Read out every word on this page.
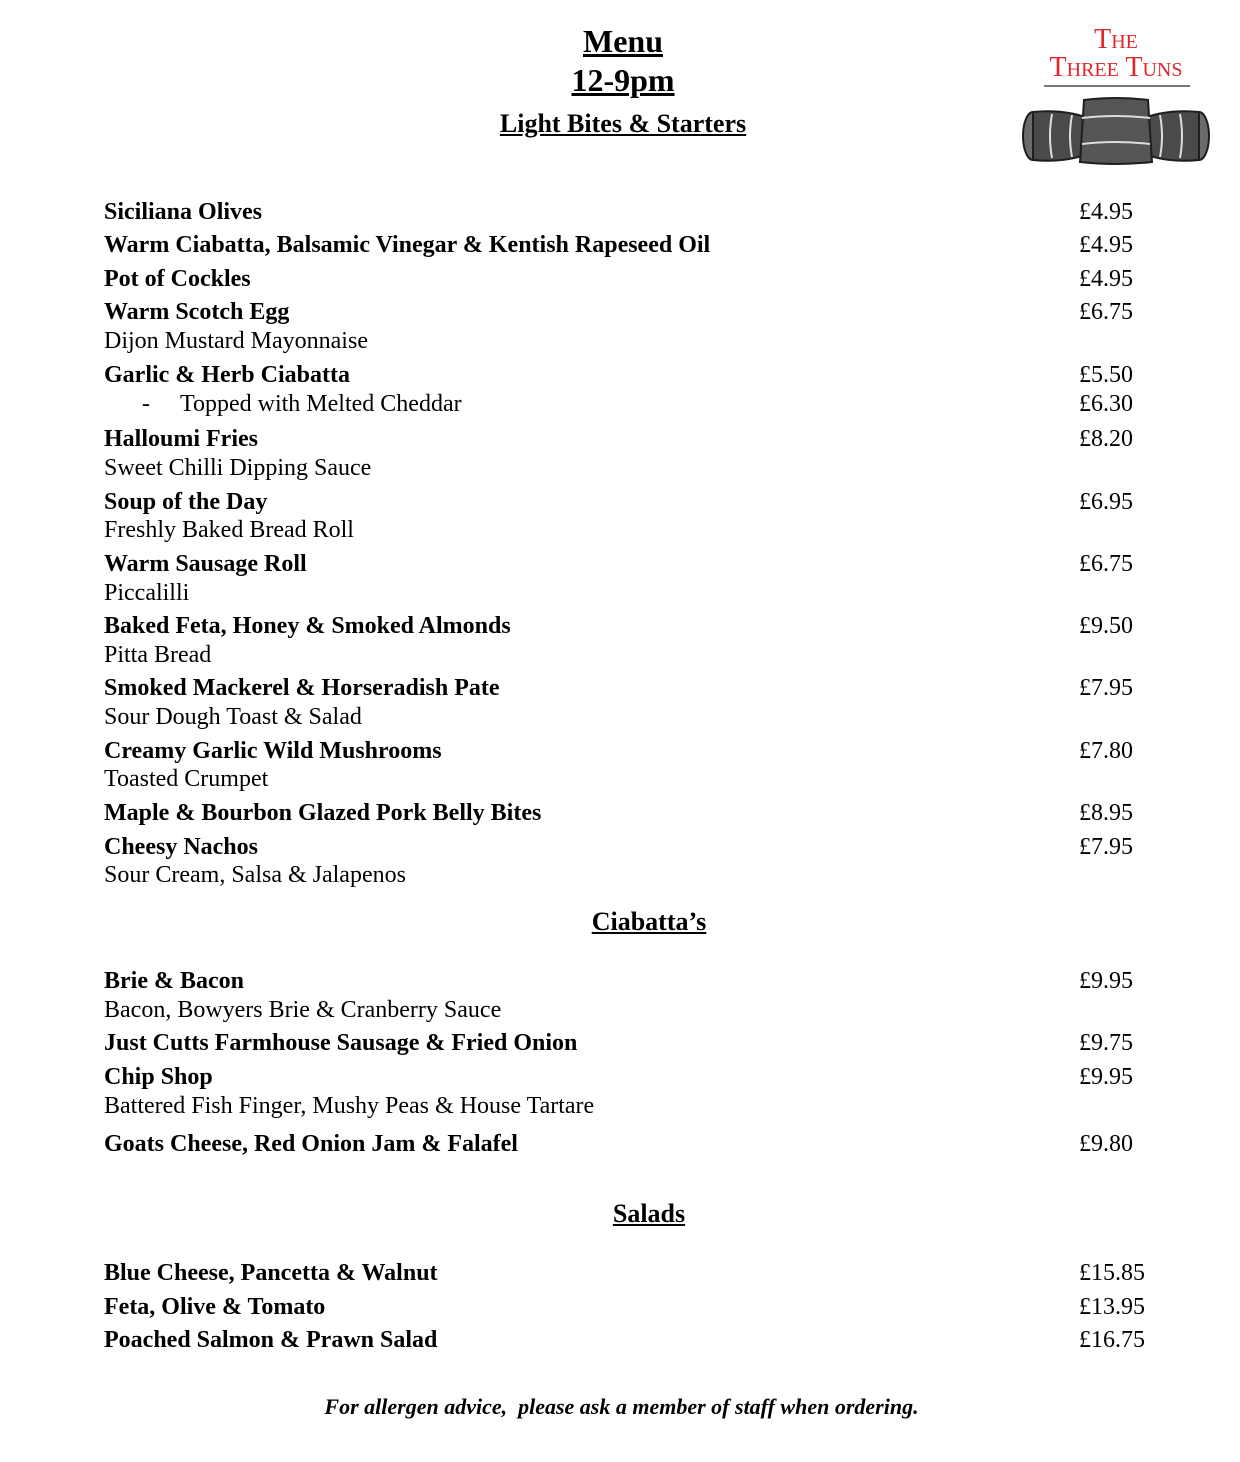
Menu
12-9pm
The
Three Tuns
Light Bites & Starters
Siciliana Olives	£4.95
Warm Ciabatta, Balsamic Vinegar & Kentish Rapeseed Oil	£4.95
Pot of Cockles	£4.95
Warm Scotch Egg	£6.75
Dijon Mustard Mayonnaise
Garlic & Herb Ciabatta	£5.50
- Topped with Melted Cheddar	£6.30
Halloumi Fries	£8.20
Sweet Chilli Dipping Sauce
Soup of the Day	£6.95
Freshly Baked Bread Roll
Warm Sausage Roll	£6.75
Piccalilli
Baked Feta, Honey & Smoked Almonds	£9.50
Pitta Bread
Smoked Mackerel & Horseradish Pate	£7.95
Sour Dough Toast & Salad
Creamy Garlic Wild Mushrooms	£7.80
Toasted Crumpet
Maple & Bourbon Glazed Pork Belly Bites	£8.95
Cheesy Nachos	£7.95
Sour Cream, Salsa & Jalapenos
Ciabatta’s
Brie & Bacon	£9.95
Bacon, Bowyers Brie & Cranberry Sauce
Just Cutts Farmhouse Sausage & Fried Onion	£9.75
Chip Shop	£9.95
Battered Fish Finger, Mushy Peas & House Tartare
Goats Cheese, Red Onion Jam & Falafel	£9.80
Salads
Blue Cheese, Pancetta & Walnut	£15.85
Feta, Olive & Tomato	£13.95
Poached Salmon & Prawn Salad	£16.75
For allergen advice,  please ask a member of staff when ordering.
